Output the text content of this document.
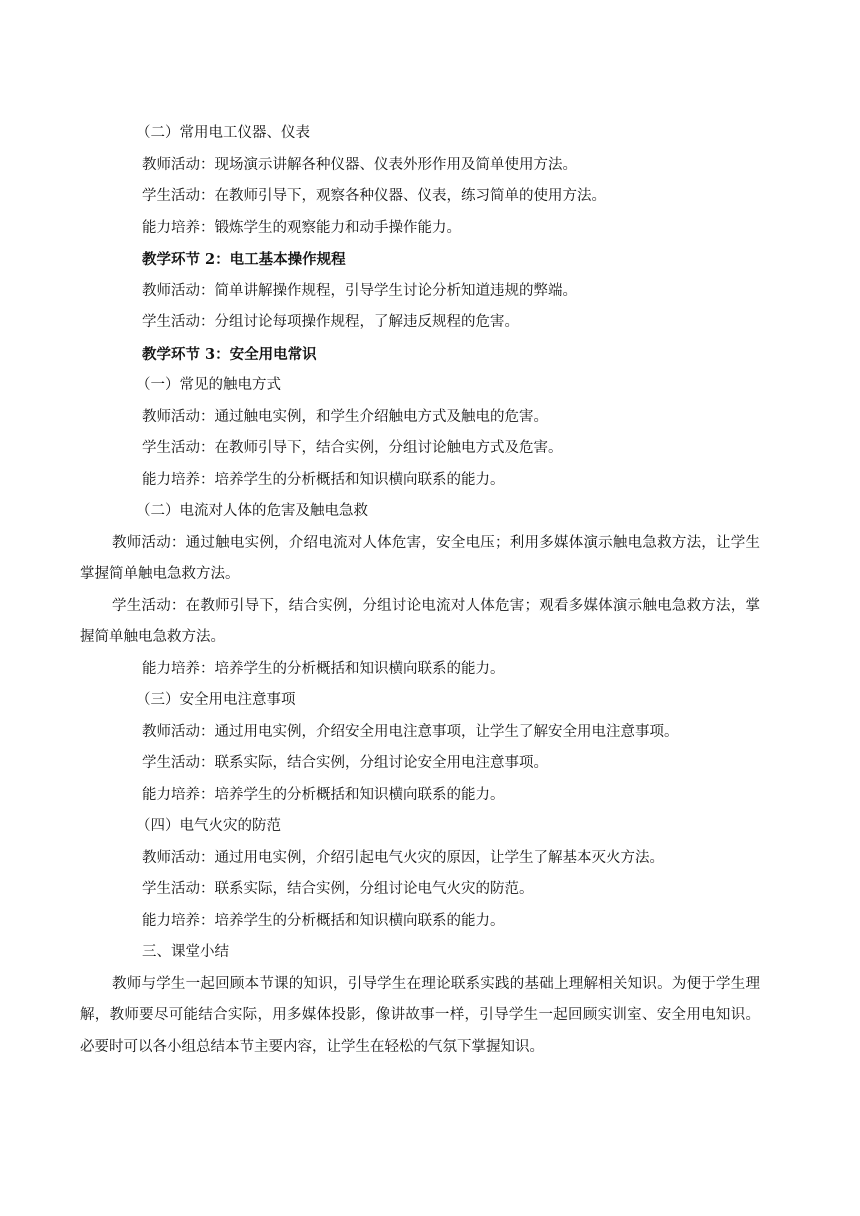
（二）常用电工仪器、仪表

教师活动：现场演示讲解各种仪器、仪表外形作用及简单使用方法。

学生活动：在教师引导下，观察各种仪器、仪表，练习简单的使用方法。

能力培养：锻炼学生的观察能力和动手操作能力。

教学环节 2：电工基本操作规程

教师活动：简单讲解操作规程，引导学生讨论分析知道违规的弊端。

学生活动：分组讨论每项操作规程，了解违反规程的危害。

教学环节 3：安全用电常识

（一）常见的触电方式

教师活动：通过触电实例，和学生介绍触电方式及触电的危害。

学生活动：在教师引导下，结合实例，分组讨论触电方式及危害。

能力培养：培养学生的分析概括和知识横向联系的能力。

（二）电流对人体的危害及触电急救

教师活动：通过触电实例，介绍电流对人体危害，安全电压；利用多媒体演示触电急救方法，让学生掌握简单触电急救方法。

学生活动：在教师引导下，结合实例，分组讨论电流对人体危害；观看多媒体演示触电急救方法，掌握简单触电急救方法。

能力培养：培养学生的分析概括和知识横向联系的能力。

（三）安全用电注意事项

教师活动：通过用电实例，介绍安全用电注意事项，让学生了解安全用电注意事项。

学生活动：联系实际，结合实例，分组讨论安全用电注意事项。

能力培养：培养学生的分析概括和知识横向联系的能力。

（四）电气火灾的防范

教师活动：通过用电实例，介绍引起电气火灾的原因，让学生了解基本灭火方法。

学生活动：联系实际，结合实例，分组讨论电气火灾的防范。

能力培养：培养学生的分析概括和知识横向联系的能力。

三、课堂小结

教师与学生一起回顾本节课的知识，引导学生在理论联系实践的基础上理解相关知识。为便于学生理解，教师要尽可能结合实际，用多媒体投影，像讲故事一样，引导学生一起回顾实训室、安全用电知识。必要时可以各小组总结本节主要内容，让学生在轻松的气氛下掌握知识。
